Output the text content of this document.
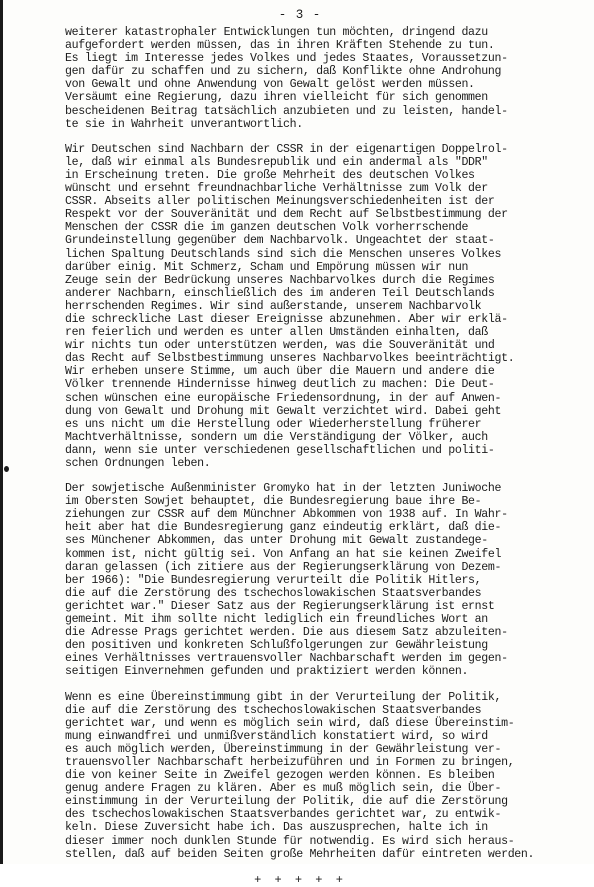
- 3 -
weiterer katastrophaler Entwicklungen tun möchten, dringend dazu
aufgefordert werden müssen, das in ihren Kräften Stehende zu tun.
Es liegt im Interesse jedes Volkes und jedes Staates, Voraussetzun-
gen dafür zu schaffen und zu sichern, daß Konflikte ohne Androhung
von Gewalt und ohne Anwendung von Gewalt gelöst werden müssen.
Versäumt eine Regierung, dazu ihren vielleicht für sich genommen
bescheidenen Beitrag tatsächlich anzubieten und zu leisten, handel-
te sie in Wahrheit unverantwortlich.
Wir Deutschen sind Nachbarn der CSSR in der eigenartigen Doppelrol-
le, daß wir einmal als Bundesrepublik und ein andermal als "DDR"
in Erscheinung treten. Die große Mehrheit des deutschen Volkes
wünscht und ersehnt freundnachbarliche Verhältnisse zum Volk der
CSSR. Abseits aller politischen Meinungsverschiedenheiten ist der
Respekt vor der Souveränität und dem Recht auf Selbstbestimmung der
Menschen der CSSR die im ganzen deutschen Volk vorherrschende
Grundeinstellung gegenüber dem Nachbarvolk. Ungeachtet der staat-
lichen Spaltung Deutschlands sind sich die Menschen unseres Volkes
darüber einig. Mit Schmerz, Scham und Empörung müssen wir nun
Zeuge sein der Bedrückung unseres Nachbarvolkes durch die Regimes
anderer Nachbarn, einschließlich des im anderen Teil Deutschlands
herrschenden Regimes. Wir sind außerstande, unserem Nachbarvolk
die schreckliche Last dieser Ereignisse abzunehmen. Aber wir erklä-
ren feierlich und werden es unter allen Umständen einhalten, daß
wir nichts tun oder unterstützen werden, was die Souveränität und
das Recht auf Selbstbestimmung unseres Nachbarvolkes beeinträchtigt.
Wir erheben unsere Stimme, um auch über die Mauern und andere die
Völker trennende Hindernisse hinweg deutlich zu machen: Die Deut-
schen wünschen eine europäische Friedensordnung, in der auf Anwen-
dung von Gewalt und Drohung mit Gewalt verzichtet wird. Dabei geht
es uns nicht um die Herstellung oder Wiederherstellung früherer
Machtverhältnisse, sondern um die Verständigung der Völker, auch
dann, wenn sie unter verschiedenen gesellschaftlichen und politi-
schen Ordnungen leben.
Der sowjetische Außenminister Gromyko hat in der letzten Juniwoche
im Obersten Sowjet behauptet, die Bundesregierung baue ihre Be-
ziehungen zur CSSR auf dem Münchner Abkommen von 1938 auf. In Wahr-
heit aber hat die Bundesregierung ganz eindeutig erklärt, daß die-
ses Münchener Abkommen, das unter Drohung mit Gewalt zustandege-
kommen ist, nicht gültig sei. Von Anfang an hat sie keinen Zweifel
daran gelassen (ich zitiere aus der Regierungserklärung von Dezem-
ber 1966): "Die Bundesregierung verurteilt die Politik Hitlers,
die auf die Zerstörung des tschechoslowakischen Staatsverbandes
gerichtet war." Dieser Satz aus der Regierungserklärung ist ernst
gemeint. Mit ihm sollte nicht lediglich ein freundliches Wort an
die Adresse Prags gerichtet werden. Die aus diesem Satz abzuleiten-
den positiven und konkreten Schlußfolgerungen zur Gewährleistung
eines Verhältnisses vertrauensvoller Nachbarschaft werden im gegen-
seitigen Einvernehmen gefunden und praktiziert werden können.
Wenn es eine Übereinstimmung gibt in der Verurteilung der Politik,
die auf die Zerstörung des tschechoslowakischen Staatsverbandes
gerichtet war, und wenn es möglich sein wird, daß diese Übereinstim-
mung einwandfrei und unmißverständlich konstatiert wird, so wird
es auch möglich werden, Übereinstimmung in der Gewährleistung ver-
trauensvoller Nachbarschaft herbeizuführen und in Formen zu bringen,
die von keiner Seite in Zweifel gezogen werden können. Es bleiben
genug andere Fragen zu klären. Aber es muß möglich sein, die Über-
einstimmung in der Verurteilung der Politik, die auf die Zerstörung
des tschechoslowakischen Staatsverbandes gerichtet war, zu entwik-
keln. Diese Zuversicht habe ich. Das auszusprechen, halte ich in
dieser immer noch dunklen Stunde für notwendig. Es wird sich heraus-
stellen, daß auf beiden Seiten große Mehrheiten dafür eintreten werden.
+ + + + +
